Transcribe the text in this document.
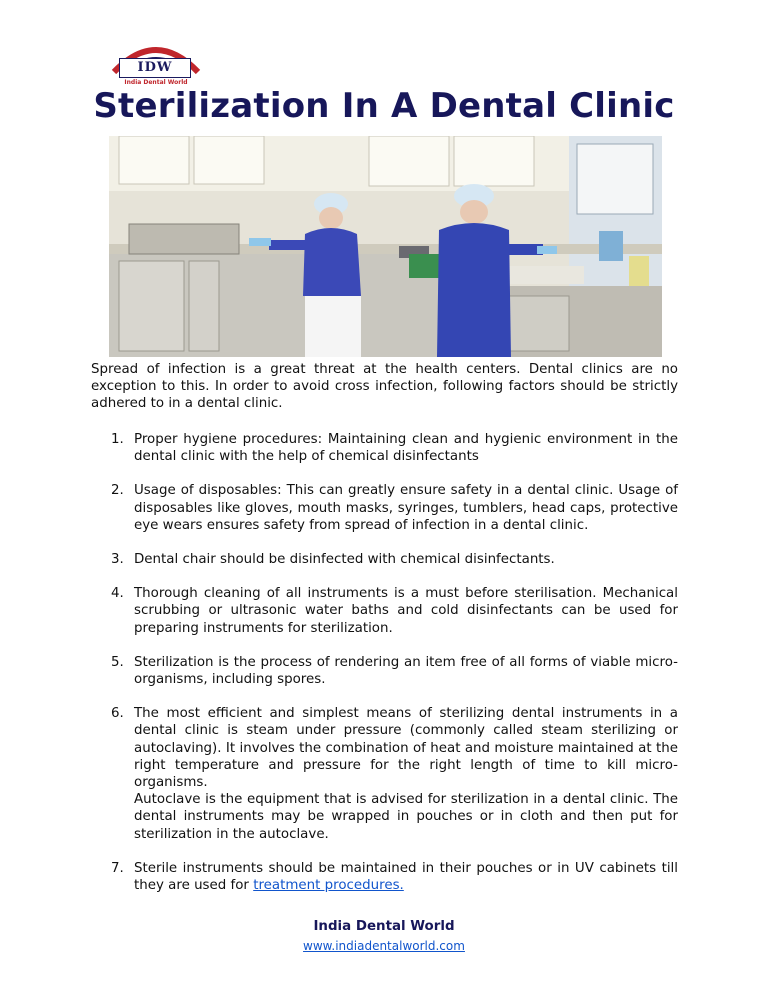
IDW
India Dental World
Sterilization In A Dental Clinic

Spread of infection is a great threat at the health centers. Dental clinics are no exception to this. In order to avoid cross infection, following factors should be strictly adhered to in a dental clinic.

1. Proper hygiene procedures: Maintaining clean and hygienic environment in the dental clinic with the help of chemical disinfectants
2. Usage of disposables: This can greatly ensure safety in a dental clinic. Usage of disposables like gloves, mouth masks, syringes, tumblers, head caps, protective eye wears ensures safety from spread of infection in a dental clinic.
3. Dental chair should be disinfected with chemical disinfectants.
4. Thorough cleaning of all instruments is a must before sterilisation. Mechanical scrubbing or ultrasonic water baths and cold disinfectants can be used for preparing instruments for sterilization.
5. Sterilization is the process of rendering an item free of all forms of viable micro-organisms, including spores.
6. The most efficient and simplest means of sterilizing dental instruments in a dental clinic is steam under pressure (commonly called steam sterilizing or autoclaving). It involves the combination of heat and moisture maintained at the right temperature and pressure for the right length of time to kill micro-organisms.
Autoclave is the equipment that is advised for sterilization in a dental clinic. The dental instruments may be wrapped in pouches or in cloth and then put for sterilization in the autoclave.
7. Sterile instruments should be maintained in their pouches or in UV cabinets till they are used for treatment procedures.
India Dental World
www.indiadentalworld.com
